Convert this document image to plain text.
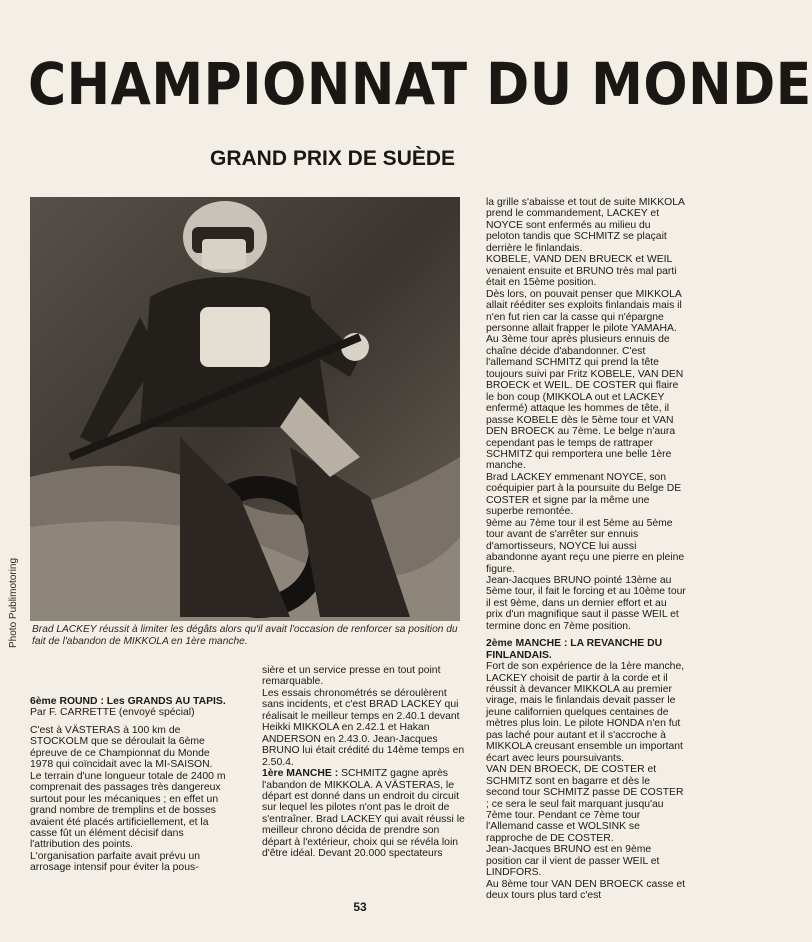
CHAMPIONNAT DU MONDE
GRAND PRIX DE SUÈDE
Photo Publimotoring Brad LACKEY réussit à limiter les dégâts alors qu'il avait l'occasion de renforcer sa position du fait de l'abandon de MIKKOLA en 1ère manche.

6ème ROUND : Les GRANDS AU TAPIS.

Par F. CARRETTE (envoyé spécial)

C'est à VÄSTERAS à 100 km de STOCKOLM que se déroulait la 6ème épreuve de ce Championnat du Monde 1978 qui coïncidait avec la MI-SAISON.

Le terrain d'une longueur totale de 2400 m comprenait des passages très dangereux surtout pour les mécaniques ; en effet un grand nombre de tremplins et de bosses avaient été placés artificiellement, et la casse fût un élément décisif dans l'attribution des points.

L'organisation parfaite avait prévu un arrosage intensif pour éviter la pous-

sière et un service presse en tout point remarquable.

Les essais chronométrés se déroulèrent sans incidents, et c'est BRAD LACKEY qui réalisait le meilleur temps en 2.40.1 devant Heikki MIKKOLA en 2.42.1 et Hakan ANDERSON en 2.43.0. Jean-Jacques BRUNO lui était crédité du 14ème temps en 2.50.4.

1ère MANCHE : SCHMITZ gagne après l'abandon de MIKKOLA. A VÄSTERAS, le départ est donné dans un endroit du circuit sur lequel les pilotes n'ont pas le droit de s'entraîner. Brad LACKEY qui avait réussi le meilleur chrono décida de prendre son départ à l'extérieur, choix qui se révéla loin d'être idéal. Devant 20.000 spectateurs

la grille s'abaisse et tout de suite MIKKOLA prend le commandement, LACKEY et NOYCE sont enfermés au milieu du peloton tandis que SCHMITZ se plaçait derrière le finlandais.

KOBELE, VAND DEN BRUECK et WEIL venaient ensuite et BRUNO très mal parti était en 15ème position.

Dès lors, on pouvait penser que MIKKOLA allait rééditer ses exploits finlandais mais il n'en fut rien car la casse qui n'épargne personne allait frapper le pilote YAMAHA.

Au 3ème tour après plusieurs ennuis de chaîne décide d'abandonner. C'est l'allemand SCHMITZ qui prend la tête toujours suivi par Fritz KOBELE, VAN DEN BROECK et WEIL. DE COSTER qui flaire le bon coup (MIKKOLA out et LACKEY enfermé) attaque les hommes de tête, il passe KOBELE dès le 5ème tour et VAN DEN BROECK au 7ème. Le belge n'aura cependant pas le temps de rattraper SCHMITZ qui remportera une belle 1ère manche.

Brad LACKEY emmenant NOYCE, son coéquipier part à la poursuite du Belge DE COSTER et signe par la même une superbe remontée.

9ème au 7ème tour il est 5ème au 5ème tour avant de s'arrêter sur ennuis d'amortisseurs, NOYCE lui aussi abandonne ayant reçu une pierre en pleine figure.

Jean-Jacques BRUNO pointé 13ème au 5ème tour, il fait le forcing et au 10ème tour il est 9ème, dans un dernier effort et au prix d'un magnifique saut il passe WEIL et termine donc en 7ème position.

2ème MANCHE : LA REVANCHE DU FINLANDAIS.

Fort de son expérience de la 1ère manche, LACKEY choisit de partir à la corde et il réussit à devancer MIKKOLA au premier virage, mais le finlandais devait passer le jeune californien quelques centaines de mètres plus loin. Le pilote HONDA n'en fut pas laché pour autant et il s'accroche à MIKKOLA creusant ensemble un important écart avec leurs poursuivants.

VAN DEN BROECK, DE COSTER et SCHMITZ sont en bagarre et dès le second tour SCHMITZ passe DE COSTER ; ce sera le seul fait marquant jusqu'au 7ème tour. Pendant ce 7ème tour l'Allemand casse et WOLSINK se rapproche de DE COSTER.

Jean-Jacques BRUNO est en 9ème position car il vient de passer WEIL et LINDFORS.

Au 8ème tour VAN DEN BROECK casse et deux tours plus tard c'est

53
